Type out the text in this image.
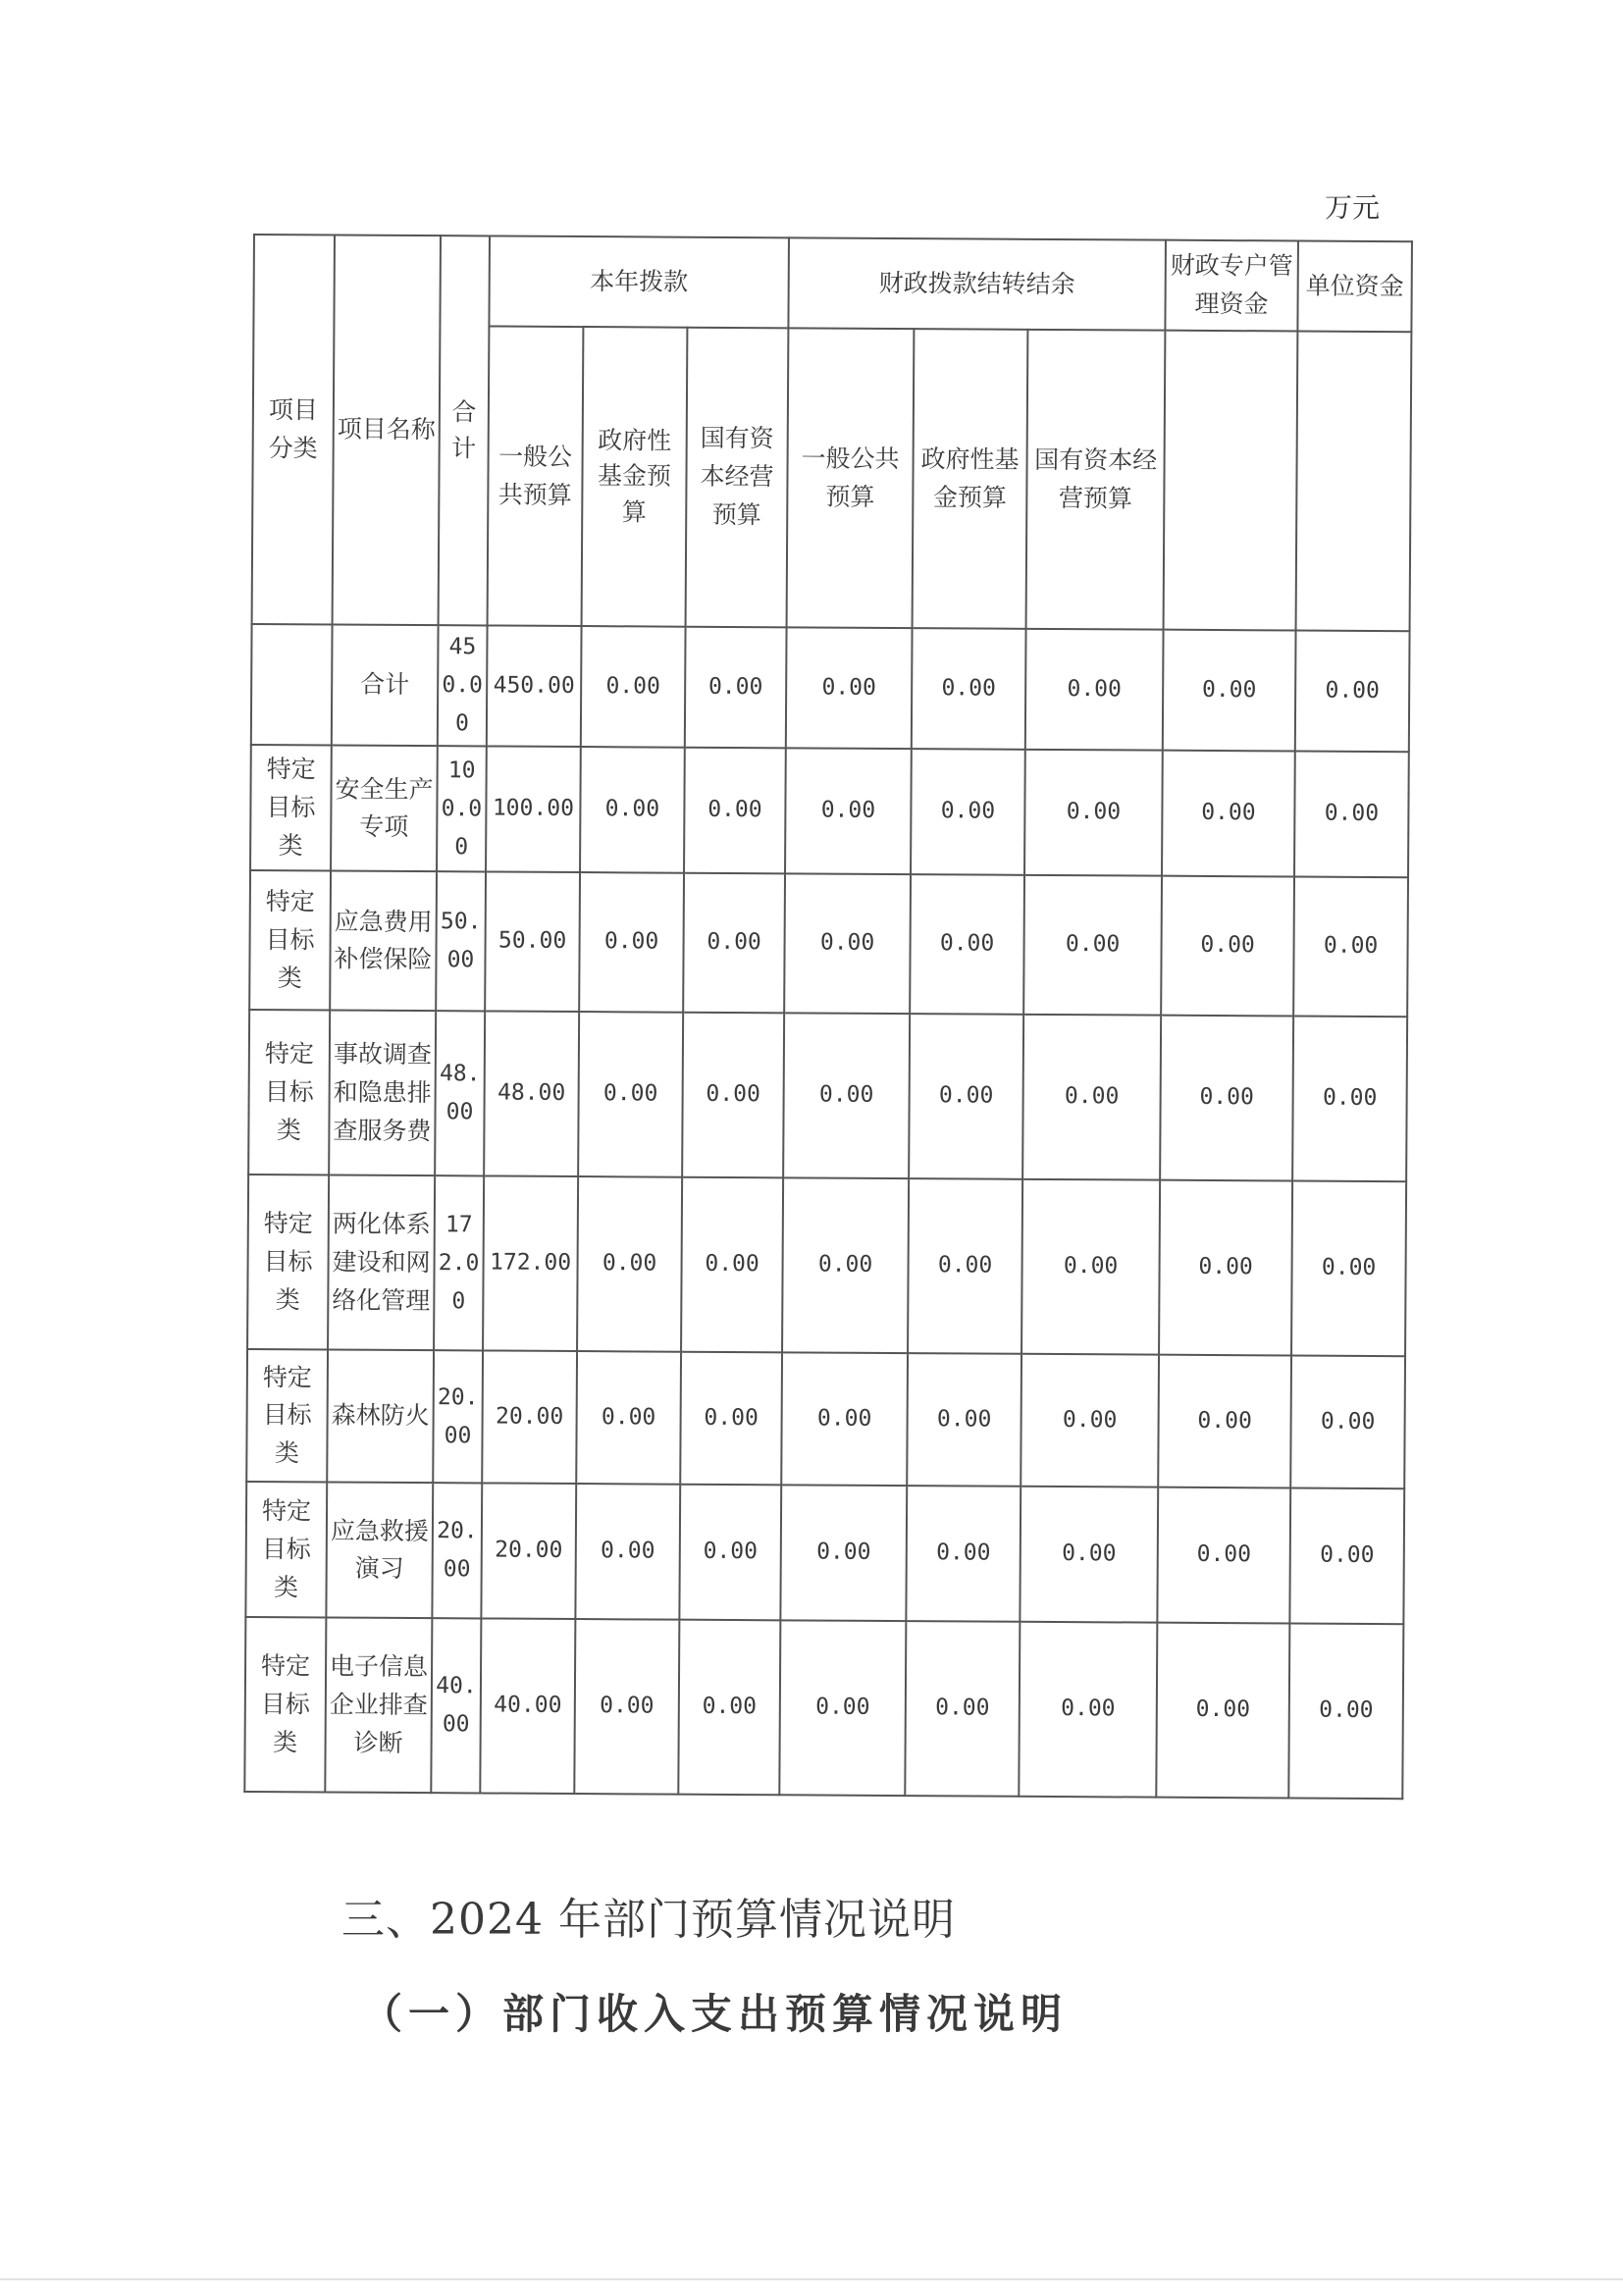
万元
项目分类	项目名称	合计	本年拨款			财政拨款结转结余			财政专户管理资金	单位资金
			一般公共预算	政府性基金预算	国有资本经营预算	一般公共预算	政府性基金预算	国有资本经营预算		
	合计	450.00	450.00	0.00	0.00	0.00	0.00	0.00	0.00	0.00
特定目标类	安全生产专项	100.00	100.00	0.00	0.00	0.00	0.00	0.00	0.00	0.00
特定目标类	应急费用补偿保险	50.00	50.00	0.00	0.00	0.00	0.00	0.00	0.00	0.00
特定目标类	事故调查和隐患排查服务费	48.00	48.00	0.00	0.00	0.00	0.00	0.00	0.00	0.00
特定目标类	两化体系建设和网络化管理	172.00	172.00	0.00	0.00	0.00	0.00	0.00	0.00	0.00
特定目标类	森林防火	20.00	20.00	0.00	0.00	0.00	0.00	0.00	0.00	0.00
特定目标类	应急救援演习	20.00	20.00	0.00	0.00	0.00	0.00	0.00	0.00	0.00
特定目标类	电子信息企业排查诊断	40.00	40.00	0.00	0.00	0.00	0.00	0.00	0.00	0.00
三、2024 年部门预算情况说明
（一）部门收入支出预算情况说明
